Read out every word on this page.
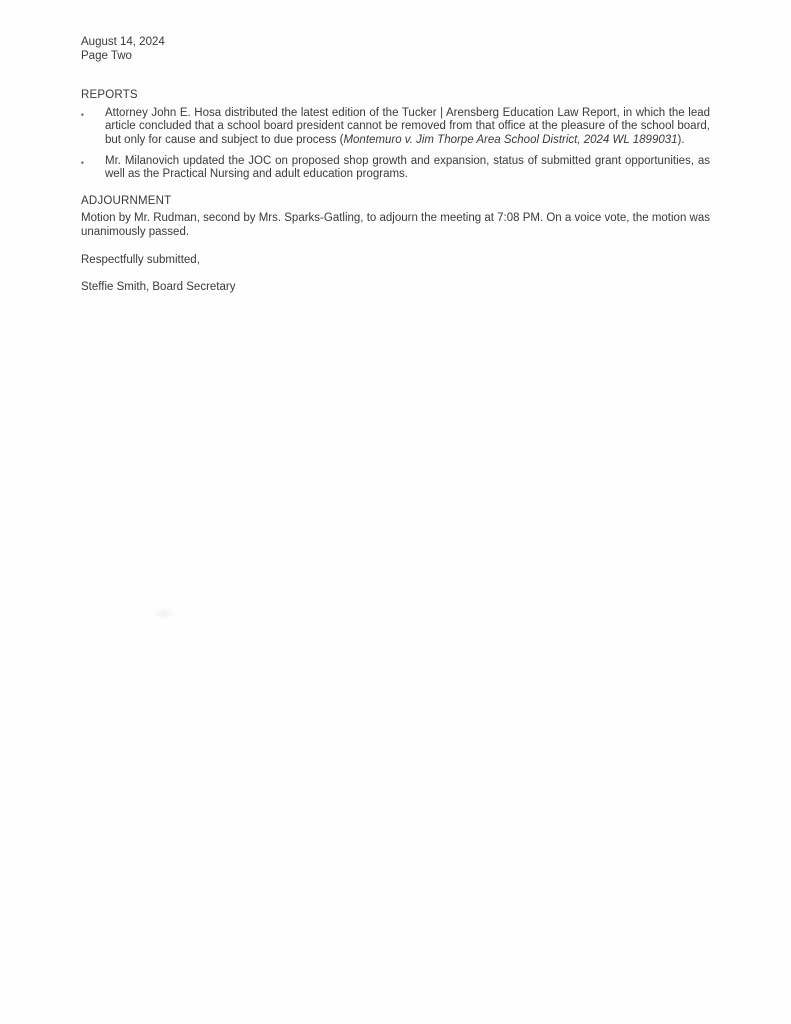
August 14, 2024

Page Two

REPORTS
▪	Attorney John E. Hosa distributed the latest edition of the Tucker | Arensberg Education Law Report, in which the lead article concluded that a school board president cannot be removed from that office at the pleasure of the school board, but only for cause and subject to due process (Montemuro v. Jim Thorpe Area School District, 2024 WL 1899031).

▪	Mr. Milanovich updated the JOC on proposed shop growth and expansion, status of submitted grant opportunities, as well as the Practical Nursing and adult education programs.

ADJOURNMENT

Motion by Mr. Rudman, second by Mrs. Sparks-Gatling, to adjourn the meeting at 7:08 PM. On a voice vote, the motion was unanimously passed.

Respectfully submitted,

Steffie Smith, Board Secretary
